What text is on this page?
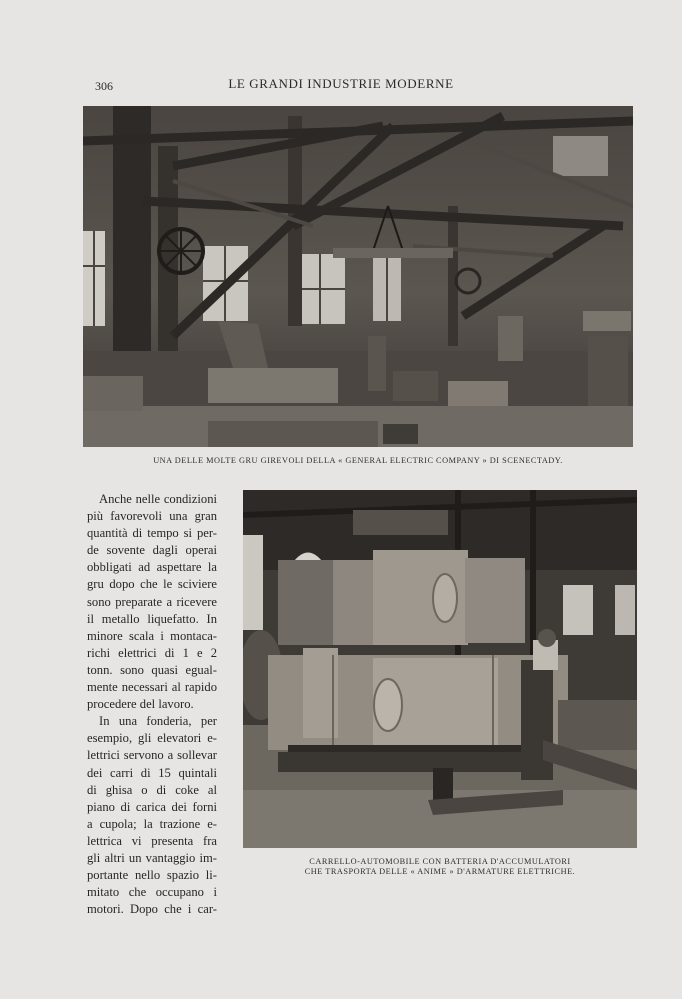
306	LE GRANDI INDUSTRIE MODERNE
UNA DELLE MOLTE GRU GIREVOLI DELLA « GENERAL ELECTRIC COMPANY » DI SCENECTADY.
Anche nelle condizioni
più favorevoli una gran
quantità di tempo si per-
de sovente dagli operai
obbligati ad aspettare la
gru dopo che le sciviere
sono preparate a ricevere
il metallo liquefatto. In
minore scala i montaca-
richi elettrici di 1 e 2
tonn. sono quasi egual-
mente necessari al rapido
procedere del lavoro.
In una fonderia, per
esempio, gli elevatori e-
lettrici servono a sollevar
dei carri di 15 quintali
di ghisa o di coke al
piano di carica dei forni
a cupola; la trazione e-
lettrica vi presenta fra
gli altri un vantaggio im-
portante nello spazio li-
mitato che occupano i
motori. Dopo che i car-
CARRELLO-AUTOMOBILE CON BATTERIA D'ACCUMULATORI
CHE TRASPORTA DELLE « ANIME » D'ARMATURE ELETTRICHE.
